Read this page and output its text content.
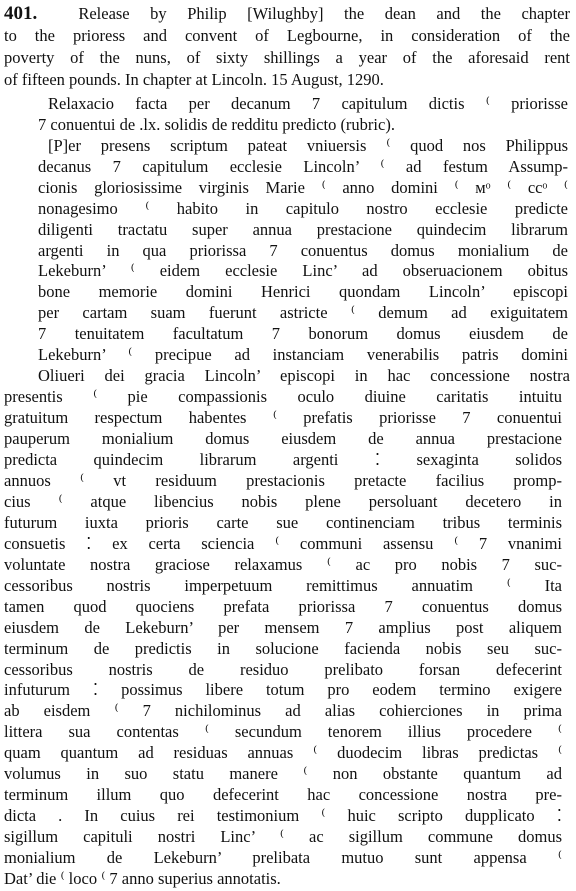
401. Release by Philip [Wilughby] the dean and the chapter
to the prioress and convent of Legbourne, in consideration of the
poverty of the nuns, of sixty shillings a year of the aforesaid rent
of fifteen pounds. In chapter at Lincoln. 15 August, 1290.
Relaxacio facta per decanum 7 capitulum dictis ⁽ priorisse
7 conuentui de .lx. solidis de redditu predicto (rubric).
[P]er presens scriptum pateat vniuersis ⁽ quod nos Philippus
decanus 7 capitulum ecclesie Lincoln’ ⁽ ad festum Assump-
cionis gloriosissime virginis Marie ⁽ anno domini ⁽ ᴍᵒ ⁽ ccᵒ ⁽
nonagesimo ⁽ habito in capitulo nostro ecclesie predicte
diligenti tractatu super annua prestacione quindecim librarum
argenti in qua priorissa 7 conuentus domus monialium de
Lekeburn’ ⁽ eidem ecclesie Linc’ ad obseruacionem obitus
bone memorie domini Henrici quondam Lincoln’ episcopi
per cartam suam fuerunt astricte ⁽ demum ad exiguitatem
7 tenuitatem facultatum 7 bonorum domus eiusdem de
Lekeburn’ ⁽ precipue ad instanciam venerabilis patris domini
Oliueri dei gracia Lincoln’ episcopi in hac concessione nostra
presentis ⁽ pie compassionis oculo diuine caritatis intuitu
gratuitum respectum habentes ⁽ prefatis priorisse 7 conuentui
pauperum monialium domus eiusdem de annua prestacione
predicta quindecim librarum argenti ⁚ sexaginta solidos
annuos ⁽ vt residuum prestacionis pretacte facilius promp-
cius ⁽ atque libencius nobis plene persoluant decetero in
futurum iuxta prioris carte sue continenciam tribus terminis
consuetis ⁚ ex certa sciencia ⁽ communi assensu ⁽ 7 vnanimi
voluntate nostra graciose relaxamus ⁽ ac pro nobis 7 suc-
cessoribus nostris imperpetuum remittimus annuatim ⁽ Ita
tamen quod quociens prefata priorissa 7 conuentus domus
eiusdem de Lekeburn’ per mensem 7 amplius post aliquem
terminum de predictis in solucione facienda nobis seu suc-
cessoribus nostris de residuo prelibato forsan defecerint
infuturum ⁚ possimus libere totum pro eodem termino exigere
ab eisdem ⁽ 7 nichilominus ad alias cohierciones in prima
littera sua contentas ⁽ secundum tenorem illius procedere ⁽
quam quantum ad residuas annuas ⁽ duodecim libras predictas ⁽
volumus in suo statu manere ⁽ non obstante quantum ad
terminum illum quo defecerint hac concessione nostra pre-
dicta . In cuius rei testimonium ⁽ huic scripto dupplicato ⁚
sigillum capituli nostri Linc’ ⁽ ac sigillum commune domus
monialium de Lekeburn’ prelibata mutuo sunt appensa ⁽
Dat’ die ⁽ loco ⁽ 7 anno superius annotatis.
